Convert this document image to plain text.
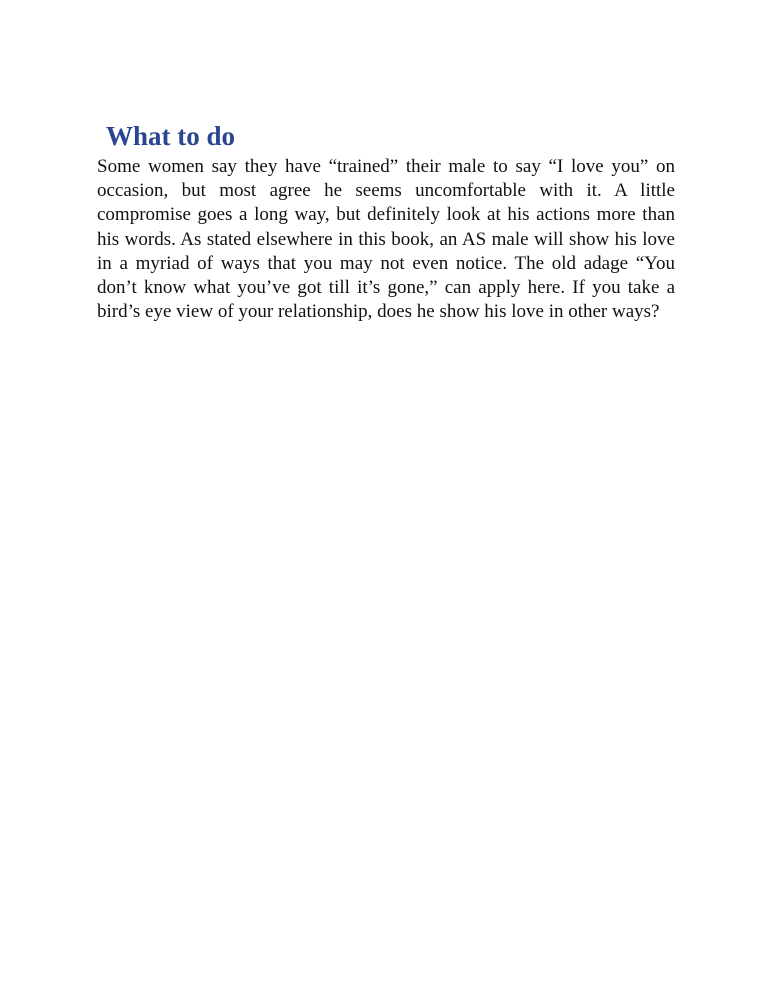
What to do

Some women say they have “trained” their male to say “I love you” on occasion, but most agree he seems uncomfortable with it. A little compromise goes a long way, but definitely look at his actions more than his words. As stated elsewhere in this book, an AS male will show his love in a myriad of ways that you may not even notice. The old adage “You don’t know what you’ve got till it’s gone,” can apply here. If you take a bird’s eye view of your relationship, does he show his love in other ways?
